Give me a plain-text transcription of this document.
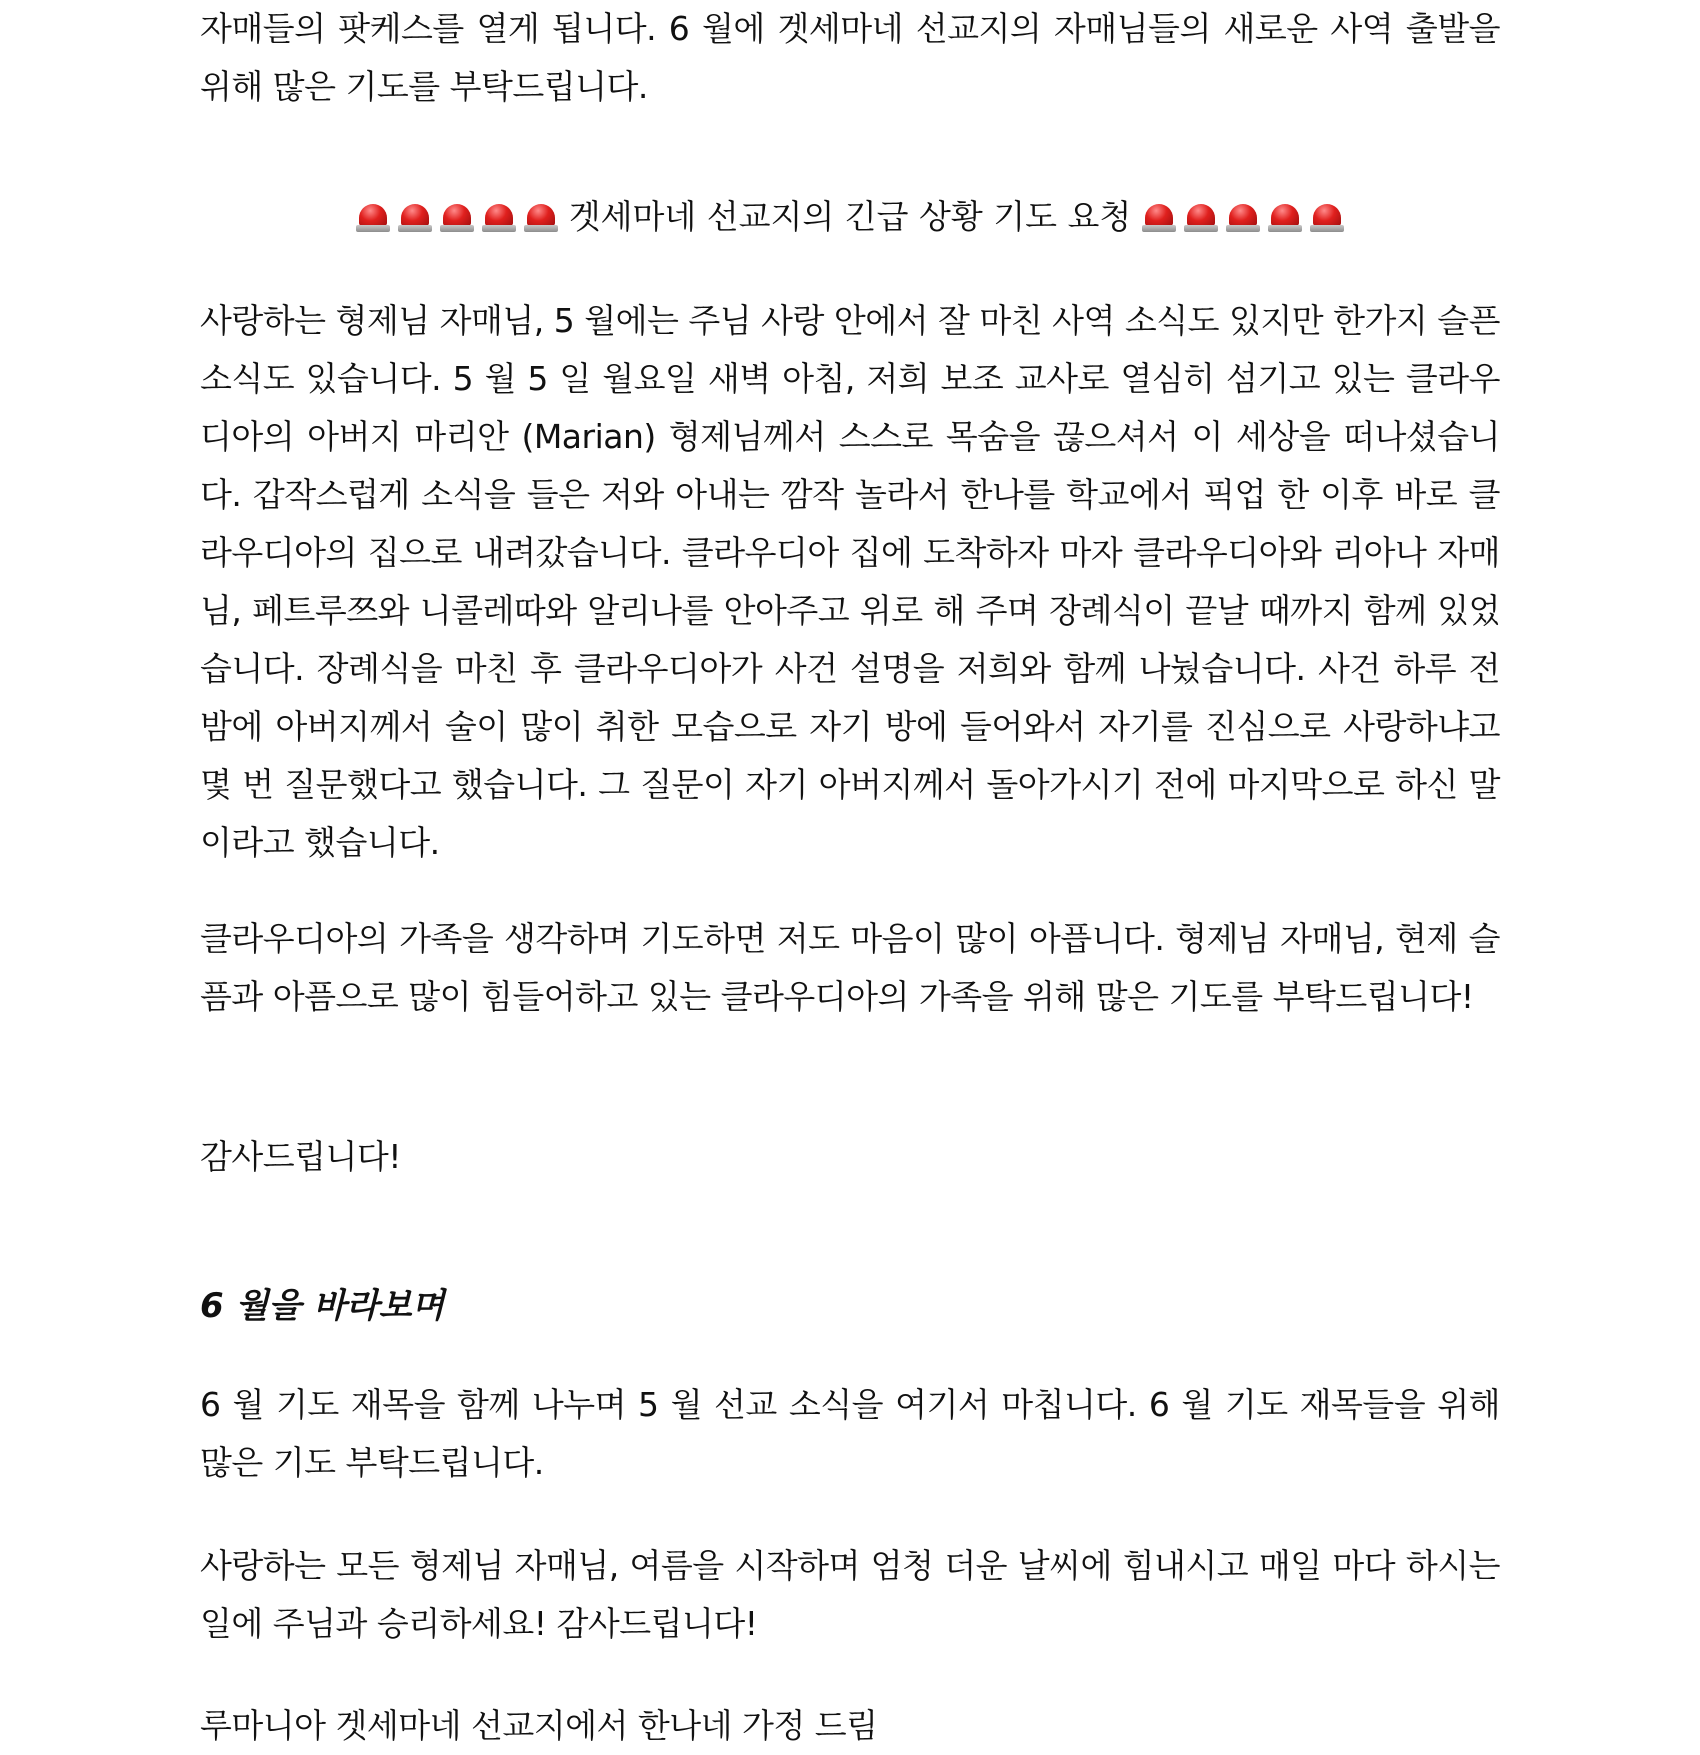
자매들의 팟케스를 열게 됩니다. 6 월에 겟세마네 선교지의 자매님들의 새로운 사역 출발을 위해 많은 기도를 부탁드립니다.

겟세마네 선교지의 긴급 상황 기도 요청

사랑하는 형제님 자매님, 5 월에는 주님 사랑 안에서 잘 마친 사역 소식도 있지만 한가지 슬픈 소식도 있습니다. 5 월 5 일 월요일 새벽 아침, 저희 보조 교사로 열심히 섬기고 있는 클라우디아의 아버지 마리안 (Marian) 형제님께서 스스로 목숨을 끊으셔서 이 세상을 떠나셨습니다. 갑작스럽게 소식을 들은 저와 아내는 깜작 놀라서 한나를 학교에서 픽업 한 이후 바로 클라우디아의 집으로 내려갔습니다. 클라우디아 집에 도착하자 마자 클라우디아와 리아나 자매님, 페트루쯔와 니콜레따와 알리나를 안아주고 위로 해 주며 장례식이 끝날 때까지 함께 있었습니다. 장례식을 마친 후 클라우디아가 사건 설명을 저희와 함께 나눴습니다. 사건 하루 전 밤에 아버지께서 술이 많이 취한 모습으로 자기 방에 들어와서 자기를 진심으로 사랑하냐고 몇 번 질문했다고 했습니다. 그 질문이 자기 아버지께서 돌아가시기 전에 마지막으로 하신 말이라고 했습니다.

클라우디아의 가족을 생각하며 기도하면 저도 마음이 많이 아픕니다. 형제님 자매님, 현제 슬픔과 아픔으로 많이 힘들어하고 있는 클라우디아의 가족을 위해 많은 기도를 부탁드립니다!

감사드립니다!

6 월을 바라보며

6 월 기도 재목을 함께 나누며 5 월 선교 소식을 여기서 마칩니다. 6 월 기도 재목들을 위해 많은 기도 부탁드립니다.

사랑하는 모든 형제님 자매님, 여름을 시작하며 엄청 더운 날씨에 힘내시고 매일 마다 하시는 일에 주님과 승리하세요! 감사드립니다!

루마니아 겟세마네 선교지에서 한나네 가정 드림
